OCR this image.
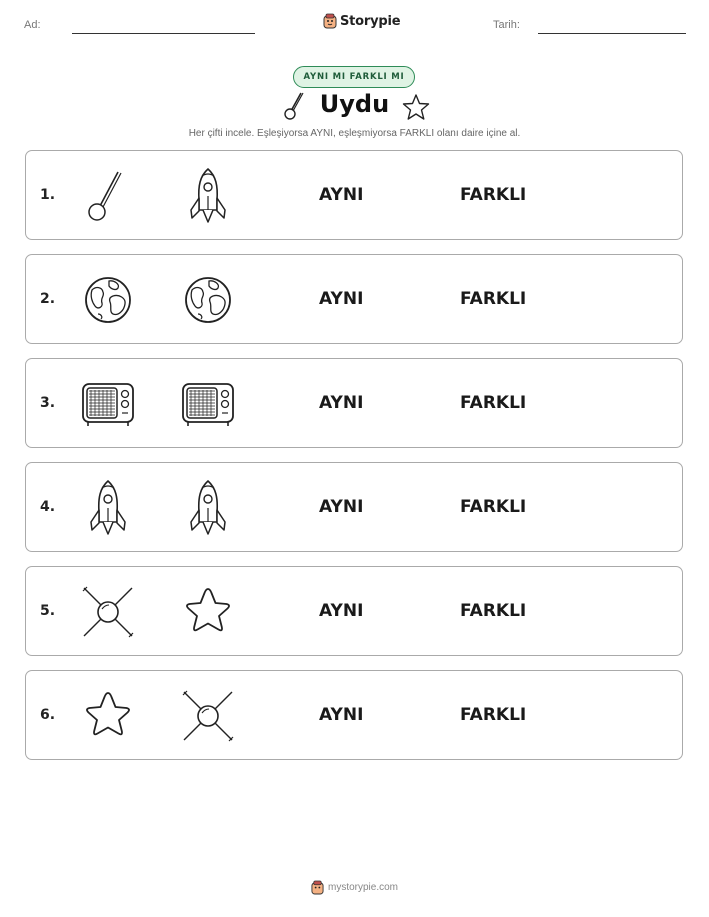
Ad:	Storypie	Tarih:
AYNI MI FARKLI MI
Uydu
Her çifti incele. Eşleşiyorsa AYNI, eşleşmiyorsa FARKLI olanı daire içine al.
1.	AYNI	FARKLI
2.	AYNI	FARKLI
3.	AYNI	FARKLI
4.	AYNI	FARKLI
5.	AYNI	FARKLI
6.	AYNI	FARKLI
mystorypie.com
